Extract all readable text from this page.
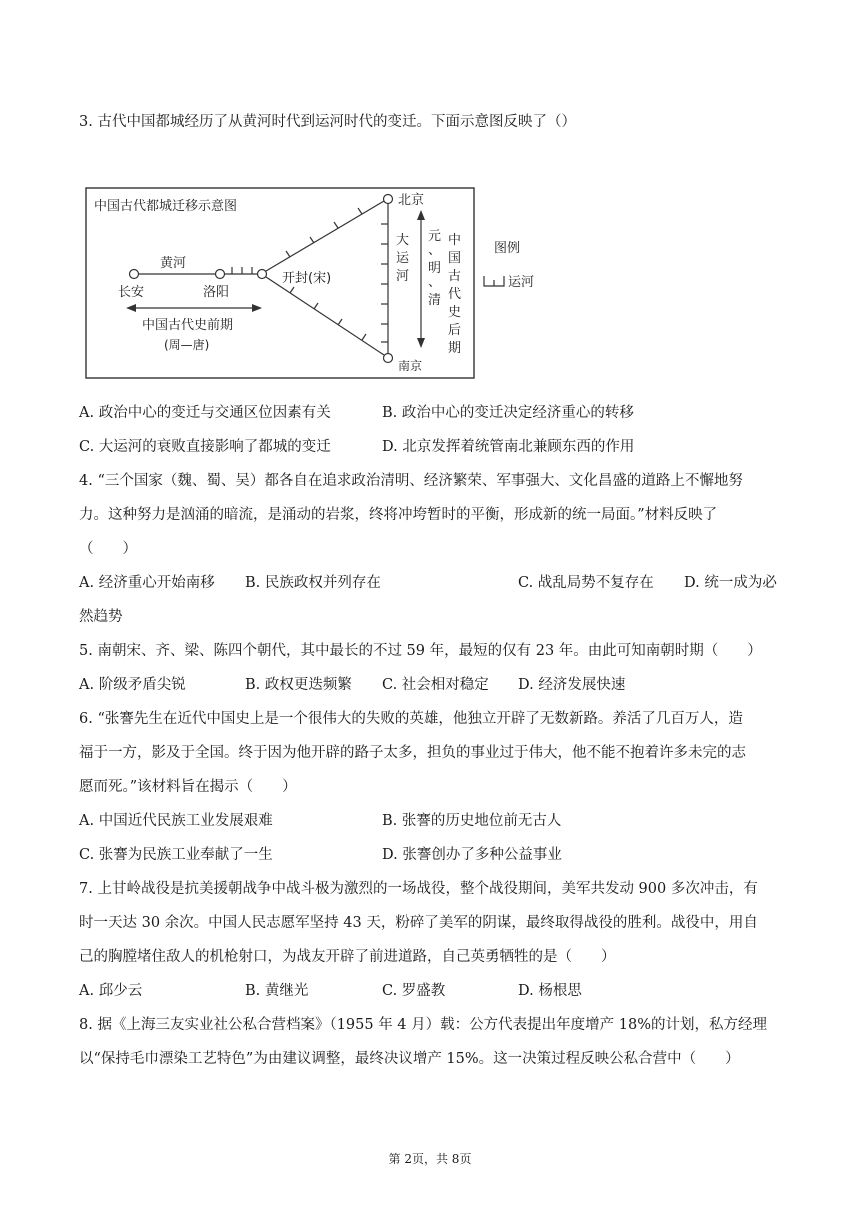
3. 古代中国都城经历了从黄河时代到运河时代的变迁。下面示意图反映了（）
中国古代都城迁移示意图
黄河
长安	洛阳
开封(宋)
北京
南京
大
运
河
元
、
明
、
清
中
国
古
代
史
后
期
中国古代史前期
(周—唐)
图例
运河
A. 政治中心的变迁与交通区位因素有关	B. 政治中心的变迁决定经济重心的转移
C. 大运河的衰败直接影响了都城的变迁	D. 北京发挥着统管南北兼顾东西的作用
4. “三个国家（魏、蜀、吴）都各自在追求政治清明、经济繁荣、军事强大、文化昌盛的道路上不懈地努
力。这种努力是汹涌的暗流，是涌动的岩浆，终将冲垮暂时的平衡，形成新的统一局面。”材料反映了
（　　）
A. 经济重心开始南移 B. 民族政权并列存在	C. 战乱局势不复存在 D. 统一成为必
然趋势
5. 南朝宋、齐、梁、陈四个朝代，其中最长的不过 59 年，最短的仅有 23 年。由此可知南朝时期（　　）
A. 阶级矛盾尖锐	B. 政权更迭频繁 C. 社会相对稳定 D. 经济发展快速
6. “张謇先生在近代中国史上是一个很伟大的失败的英雄，他独立开辟了无数新路。养活了几百万人，造
福于一方，影及于全国。终于因为他开辟的路子太多，担负的事业过于伟大，他不能不抱着许多未完的志
愿而死。”该材料旨在揭示（　　）
A. 中国近代民族工业发展艰难	B. 张謇的历史地位前无古人
C. 张謇为民族工业奉献了一生	D. 张謇创办了多种公益事业
7. 上甘岭战役是抗美援朝战争中战斗极为激烈的一场战役，整个战役期间，美军共发动 900 多次冲击，有
时一天达 30 余次。中国人民志愿军坚持 43 天，粉碎了美军的阴谋，最终取得战役的胜利。战役中，用自
己的胸膛堵住敌人的机枪射口，为战友开辟了前进道路，自己英勇牺牲的是（　　）
A. 邱少云	B. 黄继光	C. 罗盛教	D. 杨根思
8. 据《上海三友实业社公私合营档案》（1955 年 4 月）载：公方代表提出年度增产 18%的计划，私方经理
以“保持毛巾漂染工艺特色”为由建议调整，最终决议增产 15%。这一决策过程反映公私合营中（　　）
第 2页，共 8页
